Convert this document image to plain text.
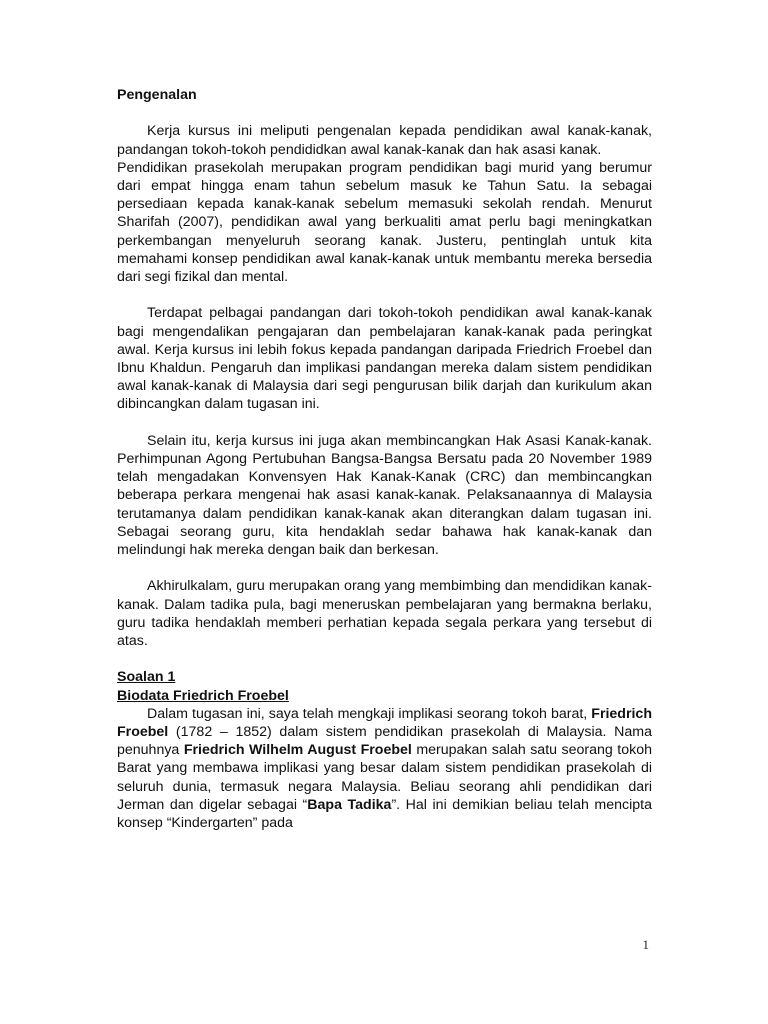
Pengenalan

Kerja kursus ini meliputi pengenalan kepada pendidikan awal kanak-kanak, pandangan tokoh-tokoh pendididkan awal kanak-kanak dan hak asasi kanak.

Pendidikan prasekolah merupakan program pendidikan bagi murid yang berumur dari empat hingga enam tahun sebelum masuk ke Tahun Satu. Ia sebagai persediaan kepada kanak-kanak sebelum memasuki sekolah rendah. Menurut Sharifah (2007), pendidikan awal yang berkualiti amat perlu bagi meningkatkan perkembangan menyeluruh seorang kanak. Justeru, pentinglah untuk kita memahami konsep pendidikan awal kanak-kanak untuk membantu mereka bersedia dari segi fizikal dan mental.

Terdapat pelbagai pandangan dari tokoh-tokoh pendidikan awal kanak-kanak bagi mengendalikan pengajaran dan pembelajaran kanak-kanak pada peringkat awal. Kerja kursus ini lebih fokus kepada pandangan daripada Friedrich Froebel dan Ibnu Khaldun. Pengaruh dan implikasi pandangan mereka dalam sistem pendidikan awal kanak-kanak di Malaysia dari segi pengurusan bilik darjah dan kurikulum akan dibincangkan dalam tugasan ini.

Selain itu, kerja kursus ini juga akan membincangkan Hak Asasi Kanak-kanak. Perhimpunan Agong Pertubuhan Bangsa-Bangsa Bersatu pada 20 November 1989 telah mengadakan Konvensyen Hak Kanak-Kanak (CRC) dan membincangkan beberapa perkara mengenai hak asasi kanak-kanak. Pelaksanaannya di Malaysia terutamanya dalam pendidikan kanak-kanak akan diterangkan dalam tugasan ini. Sebagai seorang guru, kita hendaklah sedar bahawa hak kanak-kanak dan melindungi hak mereka dengan baik dan berkesan.

Akhirulkalam, guru merupakan orang yang membimbing dan mendidikan kanak-kanak. Dalam tadika pula, bagi meneruskan pembelajaran yang bermakna berlaku, guru tadika hendaklah memberi perhatian kepada segala perkara yang tersebut di atas.

Soalan 1
Biodata Friedrich Froebel

Dalam tugasan ini, saya telah mengkaji implikasi seorang tokoh barat, Friedrich Froebel (1782 – 1852) dalam sistem pendidikan prasekolah di Malaysia. Nama penuhnya Friedrich Wilhelm August Froebel merupakan salah satu seorang tokoh Barat yang membawa implikasi yang besar dalam sistem pendidikan prasekolah di seluruh dunia, termasuk negara Malaysia. Beliau seorang ahli pendidikan dari Jerman dan digelar sebagai “Bapa Tadika”. Hal ini demikian beliau telah mencipta konsep “Kindergarten” pada

1
